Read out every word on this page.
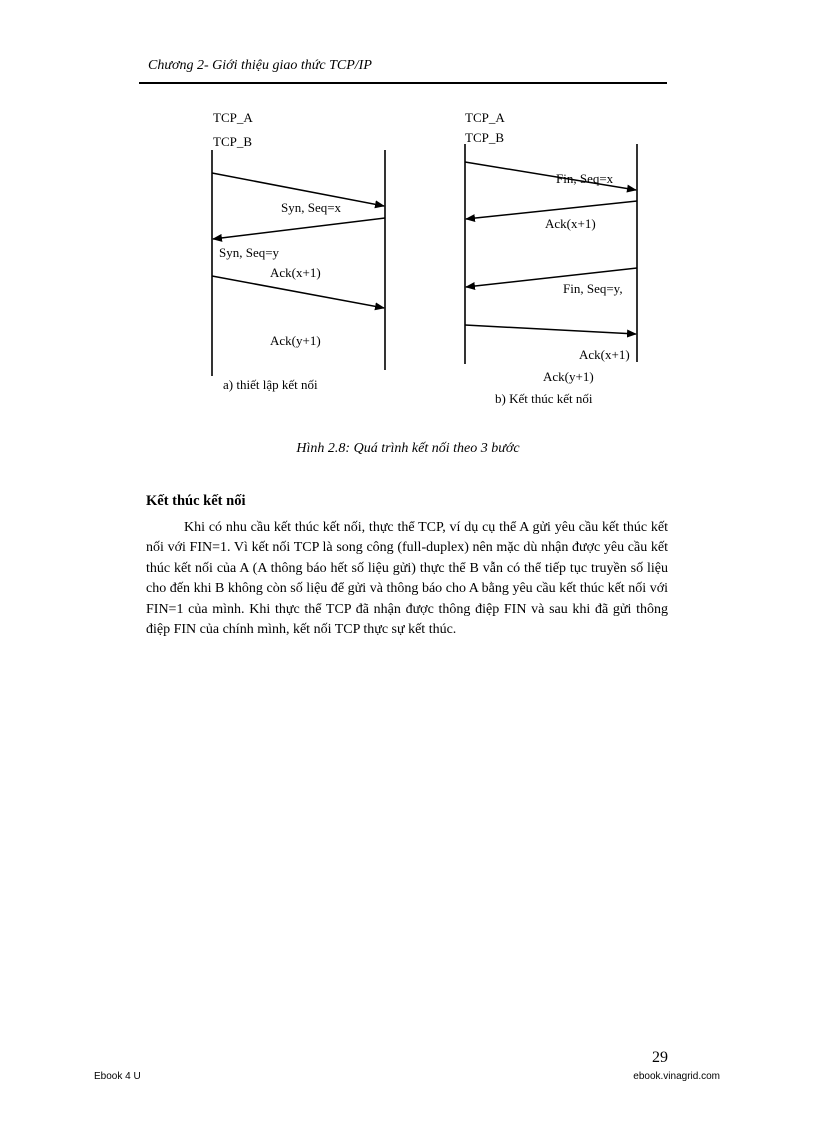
Chương 2- Giới thiệu giao thức TCP/IP
TCP_A
TCP_B
Syn, Seq=x
Syn, Seq=y
Ack(x+1)
Ack(y+1)
a) thiết lập kết nối
TCP_A
TCP_B
Fin, Seq=x
Ack(x+1)
Fin, Seq=y,
Ack(x+1)
Ack(y+1)
b) Kết thúc kết nối
Hình 2.8: Quá trình kết nối theo 3 bước
Kết thúc kết nối

Khi có nhu cầu kết thúc kết nối, thực thể TCP, ví dụ cụ thể A gửi yêu cầu kết thúc kết nối với FIN=1. Vì kết nối TCP là song công (full-duplex) nên mặc dù nhận được yêu cầu kết thúc kết nối của A (A thông báo hết số liệu gửi) thực thể B vẫn có thể tiếp tục truyền số liệu cho đến khi B không còn số liệu để gửi và thông báo cho A bằng yêu cầu kết thúc kết nối với FIN=1 của mình. Khi thực thể TCP đã nhận được thông điệp FIN và sau khi đã gửi thông điệp FIN của chính mình, kết nối TCP thực sự kết thúc.

29
Ebook 4 U	ebook.vinagrid.com
